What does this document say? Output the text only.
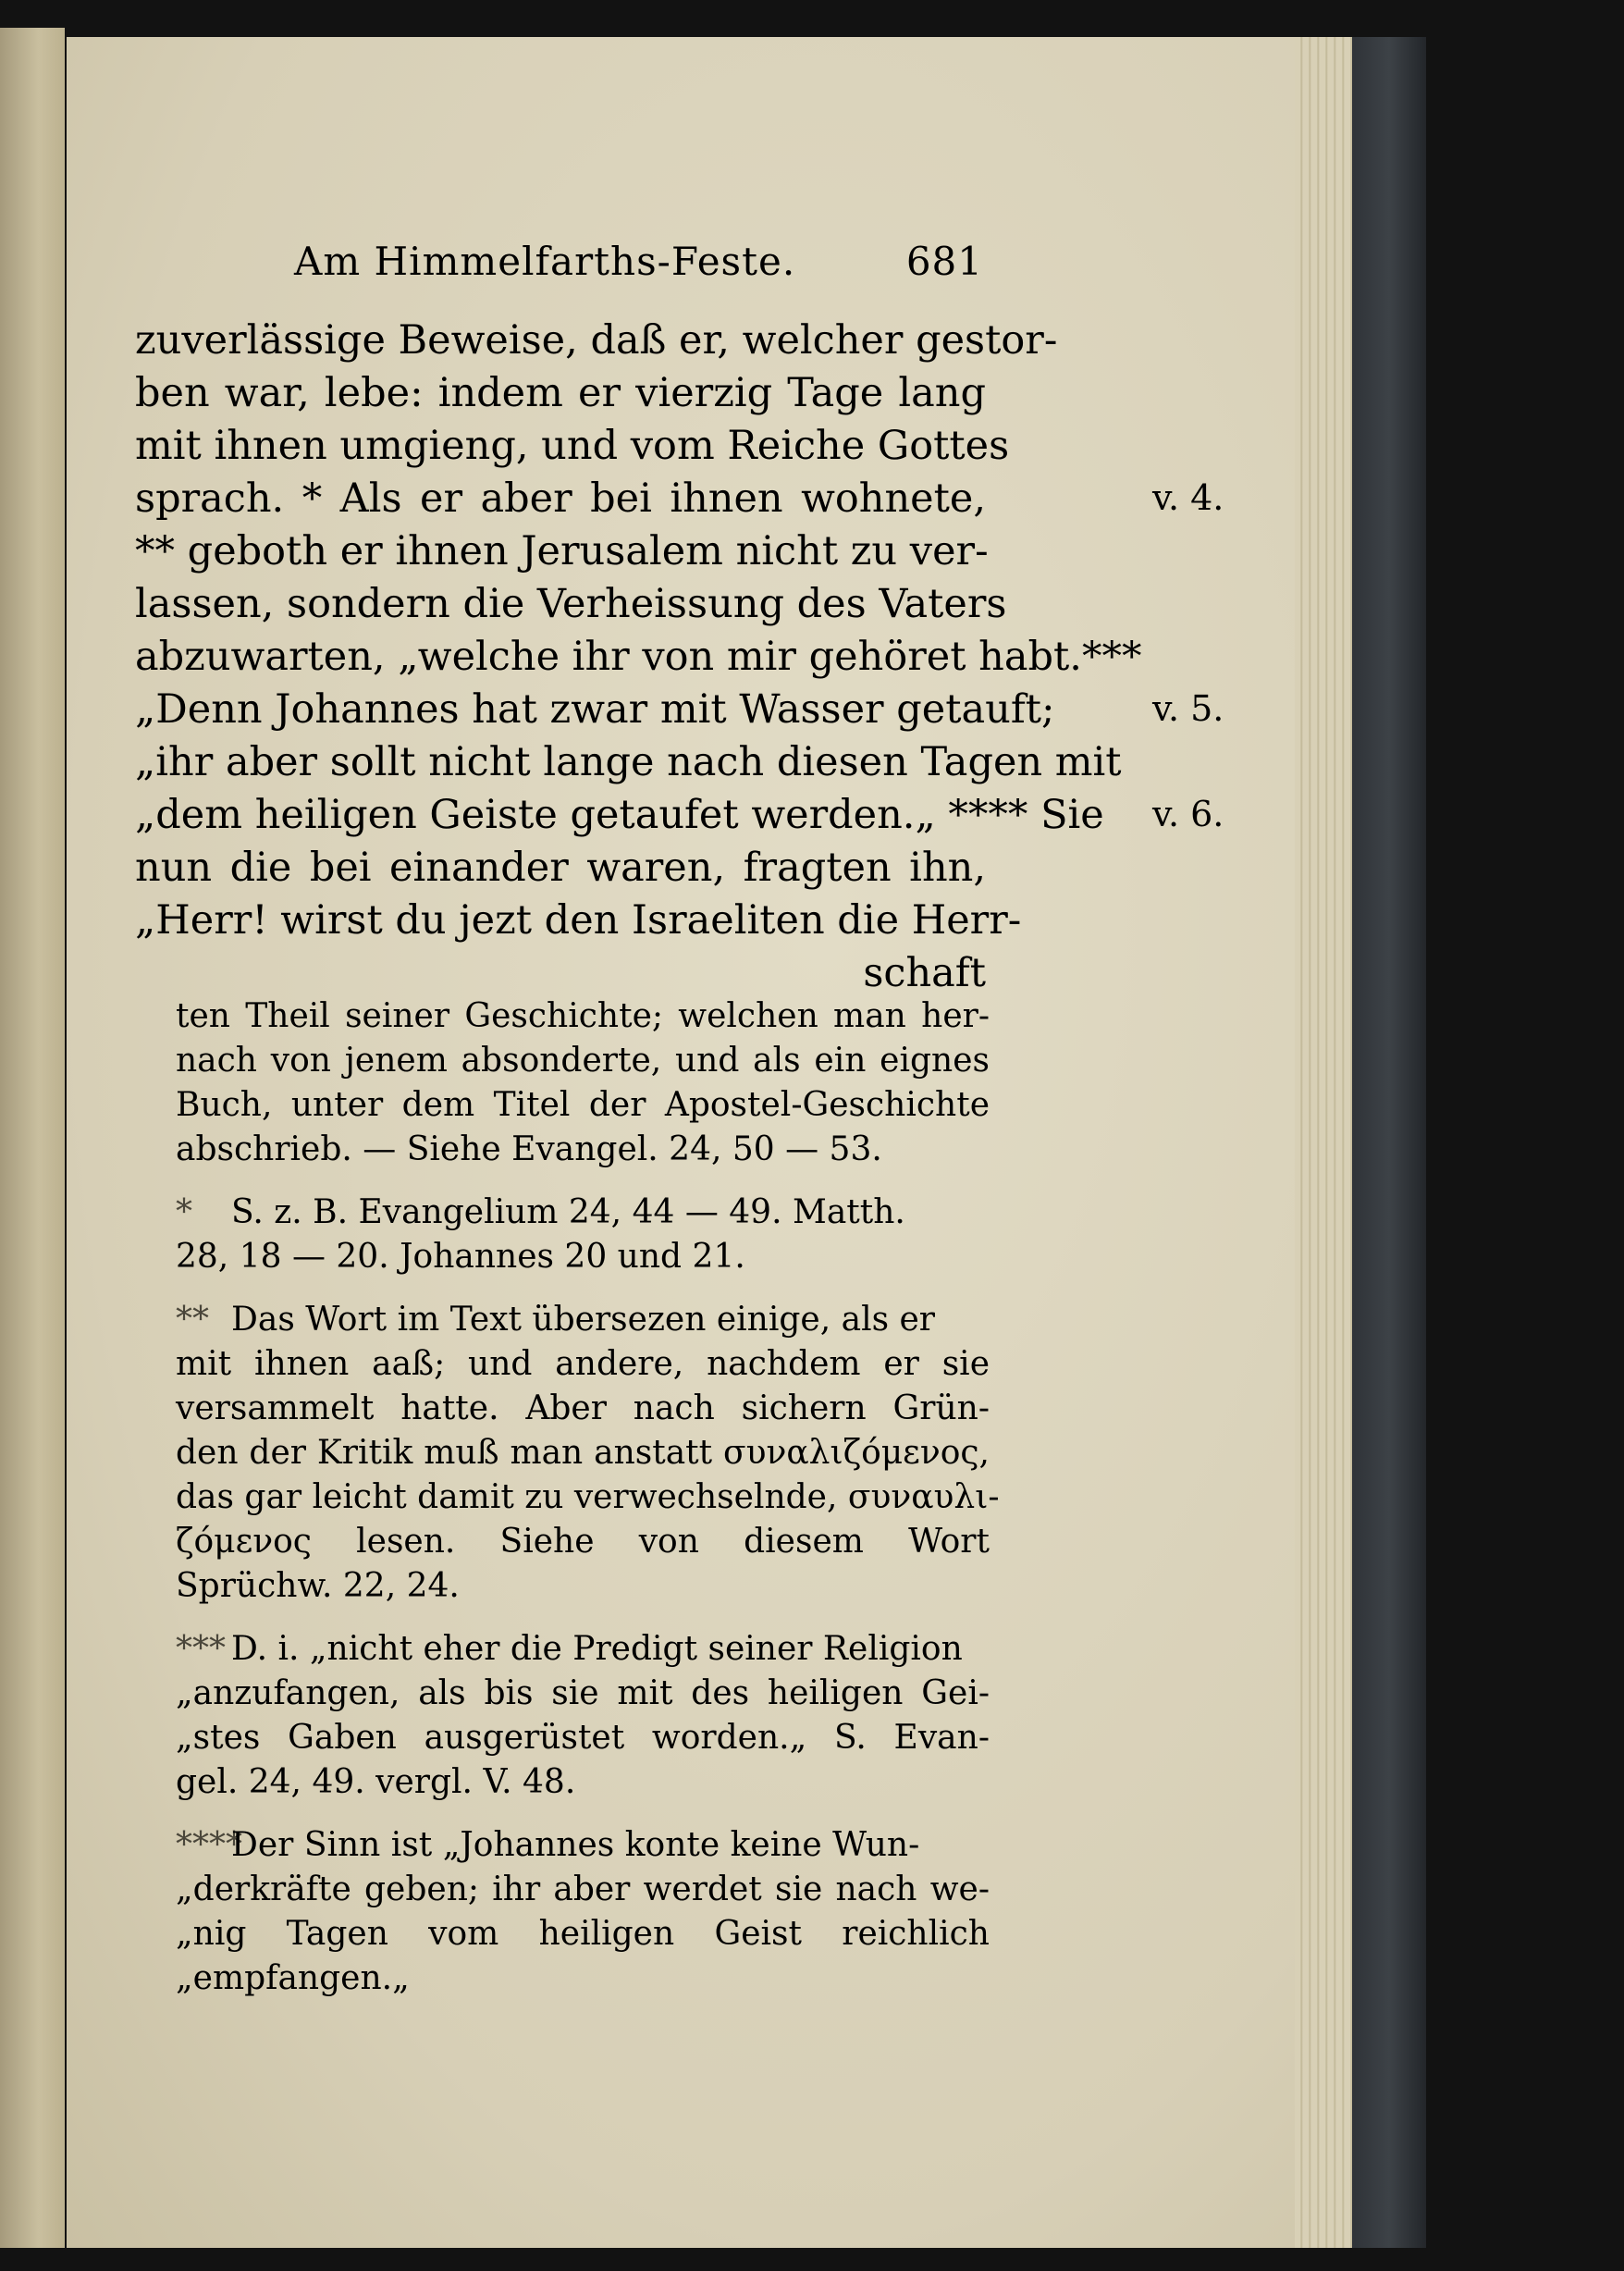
Am Himmelfarths-Feste.	681
zuverlässige Beweise, daß er, welcher gestor-
ben war, lebe: indem er vierzig Tage lang
mit ihnen umgieng, und vom Reiche Gottes
sprach. * Als er aber bei ihnen wohnete,
** geboth er ihnen Jerusalem nicht zu ver-
lassen, sondern die Verheissung des Vaters
abzuwarten, „welche ihr von mir gehöret habt.***
„Denn Johannes hat zwar mit Wasser getauft;
„ihr aber sollt nicht lange nach diesen Tagen mit
„dem heiligen Geiste getaufet werden.„ **** Sie
nun die bei einander waren, fragten ihn,
„Herr! wirst du jezt den Israeliten die Herr-
schaft
v. 4.
v. 5.
v. 6.
ten Theil seiner Geschichte; welchen man her-
nach von jenem absonderte, und als ein eignes
Buch, unter dem Titel der Apostel-Geschichte
abschrieb. — Siehe Evangel. 24, 50 — 53.
* S. z. B. Evangelium 24, 44 — 49. Matth.
28, 18 — 20. Johannes 20 und 21.
** Das Wort im Text übersezen einige, als er
mit ihnen aaß; und andere, nachdem er sie
versammelt hatte. Aber nach sichern Grün-
den der Kritik muß man anstatt συναλιζόμενος,
das gar leicht damit zu verwechselnde, συναυλι-
ζόμενος lesen. Siehe von diesem Wort
Sprüchw. 22, 24.
*** D. i. „nicht eher die Predigt seiner Religion
„anzufangen, als bis sie mit des heiligen Gei-
„stes Gaben ausgerüstet worden.„ S. Evan-
gel. 24, 49. vergl. V. 48.
****Der Sinn ist „Johannes konte keine Wun-
„derkräfte geben; ihr aber werdet sie nach we-
„nig Tagen vom heiligen Geist reichlich
„empfangen.„
